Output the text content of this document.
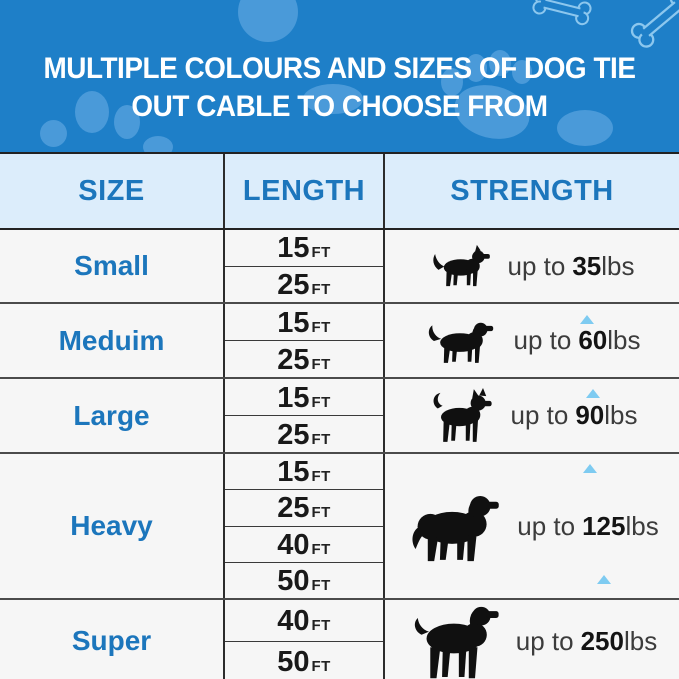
MULTIPLE COLOURS AND SIZES OF DOG TIE
OUT CABLE TO CHOOSE FROM
SIZE	LENGTH	STRENGTH
Small
15 FT
25 FT
up to 35
lbs
Meduim
15 FT
25 FT
up to 60
lbs
Large
15 FT
25 FT
up to 90
lbs
Heavy
15 FT
25 FT
40 FT
50 FT
up to 125
lbs
Super
40 FT
50 FT
up to 250
lbs
